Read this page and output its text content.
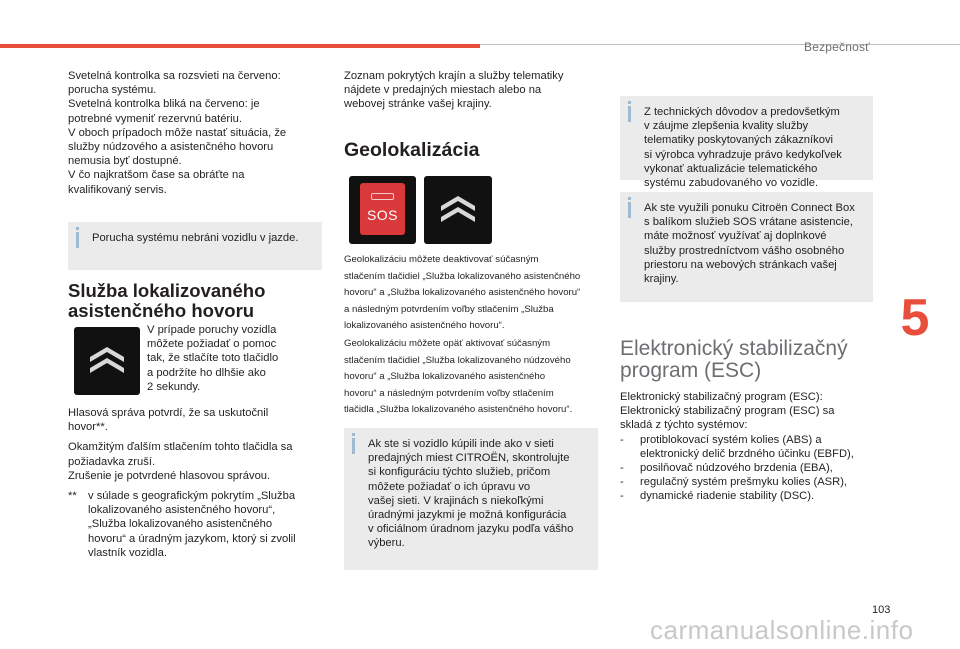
Bezpečnosť
5
Svetelná kontrolka sa rozsvieti na červeno:
porucha systému.
Svetelná kontrolka bliká na červeno: je
potrebné vymeniť rezervnú batériu.
V oboch prípadoch môže nastať situácia, že
služby núdzového a asistenčného hovoru
nemusia byť dostupné.
V čo najkratšom čase sa obráťte na
kvalifikovaný servis.
Porucha systému nebráni vozidlu v jazde.
Služba lokalizovaného
asistenčného hovoru
V prípade poruchy vozidla
môžete požiadať o pomoc
tak, že stlačíte toto tlačidlo
a podržíte ho dlhšie ako
2 sekundy.
Hlasová správa potvrdí, že sa uskutočnil
hovor**.
Okamžitým ďalším stlačením tohto tlačidla sa
požiadavka zruší.
Zrušenie je potvrdené hlasovou správou.
** v súlade s geografickým pokrytím „Služba
lokalizovaného asistenčného hovoru“,
„Služba lokalizovaného asistenčného
hovoru“ a úradným jazykom, ktorý si zvolil
vlastník vozidla.
Zoznam pokrytých krajín a služby telematiky
nájdete v predajných miestach alebo na
webovej stránke vašej krajiny.
Geolokalizácia
SOS
Geolokalizáciu môžete deaktivovať súčasným
stlačením tlačidiel „Služba lokalizovaného asistenčného
hovoru“ a „Služba lokalizovaného asistenčného hovoru“
a následným potvrdením voľby stlačením „Služba
lokalizovaného asistenčného hovoru“.
Geolokalizáciu môžete opäť aktivovať súčasným
stlačením tlačidiel „Služba lokalizovaného núdzového
hovoru“ a „Služba lokalizovaného asistenčného
hovoru“ a následným potvrdením voľby stlačením
tlačidla „Služba lokalizovaného asistenčného hovoru“.
Ak ste si vozidlo kúpili inde ako v sieti
predajných miest CITROËN, skontrolujte
si konfiguráciu týchto služieb, pričom
môžete požiadať o ich úpravu vo
vašej sieti. V krajinách s niekoľkými
úradnými jazykmi je možná konfigurácia
v oficiálnom úradnom jazyku podľa vášho
výberu.
Z technických dôvodov a predovšetkým
v záujme zlepšenia kvality služby
telematiky poskytovaných zákazníkovi
si výrobca vyhradzuje právo kedykoľvek
vykonať aktualizácie telematického
systému zabudovaného vo vozidle.
Ak ste využili ponuku Citroën Connect Box
s balíkom služieb SOS vrátane asistencie,
máte možnosť využívať aj doplnkové
služby prostredníctvom vášho osobného
priestoru na webových stránkach vašej
krajiny.
Elektronický stabilizačný
program (ESC)
Elektronický stabilizačný program (ESC):
Elektronický stabilizačný program (ESC) sa
skladá z týchto systémov:
- protiblokovací systém kolies (ABS) a
elektronický delič brzdného účinku (EBFD),
- posilňovač núdzového brzdenia (EBA),
- regulačný systém prešmyku kolies (ASR),
- dynamické riadenie stability (DSC).
103
carmanualsonline.info
